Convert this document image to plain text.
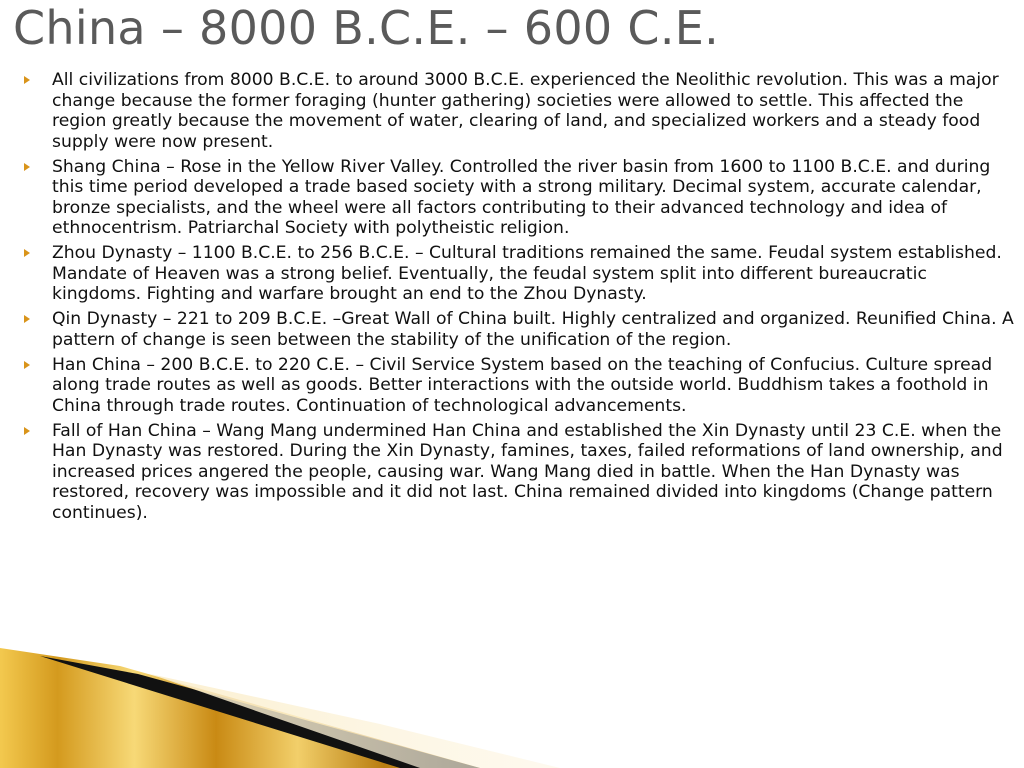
China – 8000 B.C.E. – 600 C.E.
All civilizations from 8000 B.C.E. to around 3000 B.C.E. experienced the Neolithic revolution. This was a major change because the former foraging (hunter gathering) societies were allowed to settle. This affected the region greatly because the movement of water, clearing of land, and specialized workers and a steady food supply were now present.
Shang China – Rose in the Yellow River Valley. Controlled the river basin from 1600 to 1100 B.C.E. and during this time period developed a trade based society with a strong military. Decimal system, accurate calendar, bronze specialists, and the wheel were all factors contributing to their advanced technology and idea of ethnocentrism. Patriarchal Society with polytheistic religion.
Zhou Dynasty – 1100 B.C.E. to 256 B.C.E. – Cultural traditions remained the same. Feudal system established. Mandate of Heaven was a strong belief. Eventually, the feudal system split into different bureaucratic kingdoms. Fighting and warfare brought an end to the Zhou Dynasty.
Qin Dynasty – 221 to 209 B.C.E. –Great Wall of China built. Highly centralized and organized. Reunified China. A pattern of change is seen between the stability of the unification of the region.
Han China – 200 B.C.E. to 220 C.E. – Civil Service System based on the teaching of Confucius. Culture spread along trade routes as well as goods. Better interactions with the outside world. Buddhism takes a foothold in China through trade routes. Continuation of technological advancements.
Fall of Han China – Wang Mang undermined Han China and established the Xin Dynasty until 23 C.E. when the Han Dynasty was restored. During the Xin Dynasty, famines, taxes, failed reformations of land ownership, and increased prices angered the people, causing war. Wang Mang died in battle. When the Han Dynasty was restored, recovery was impossible and it did not last. China remained divided into kingdoms (Change pattern continues).
